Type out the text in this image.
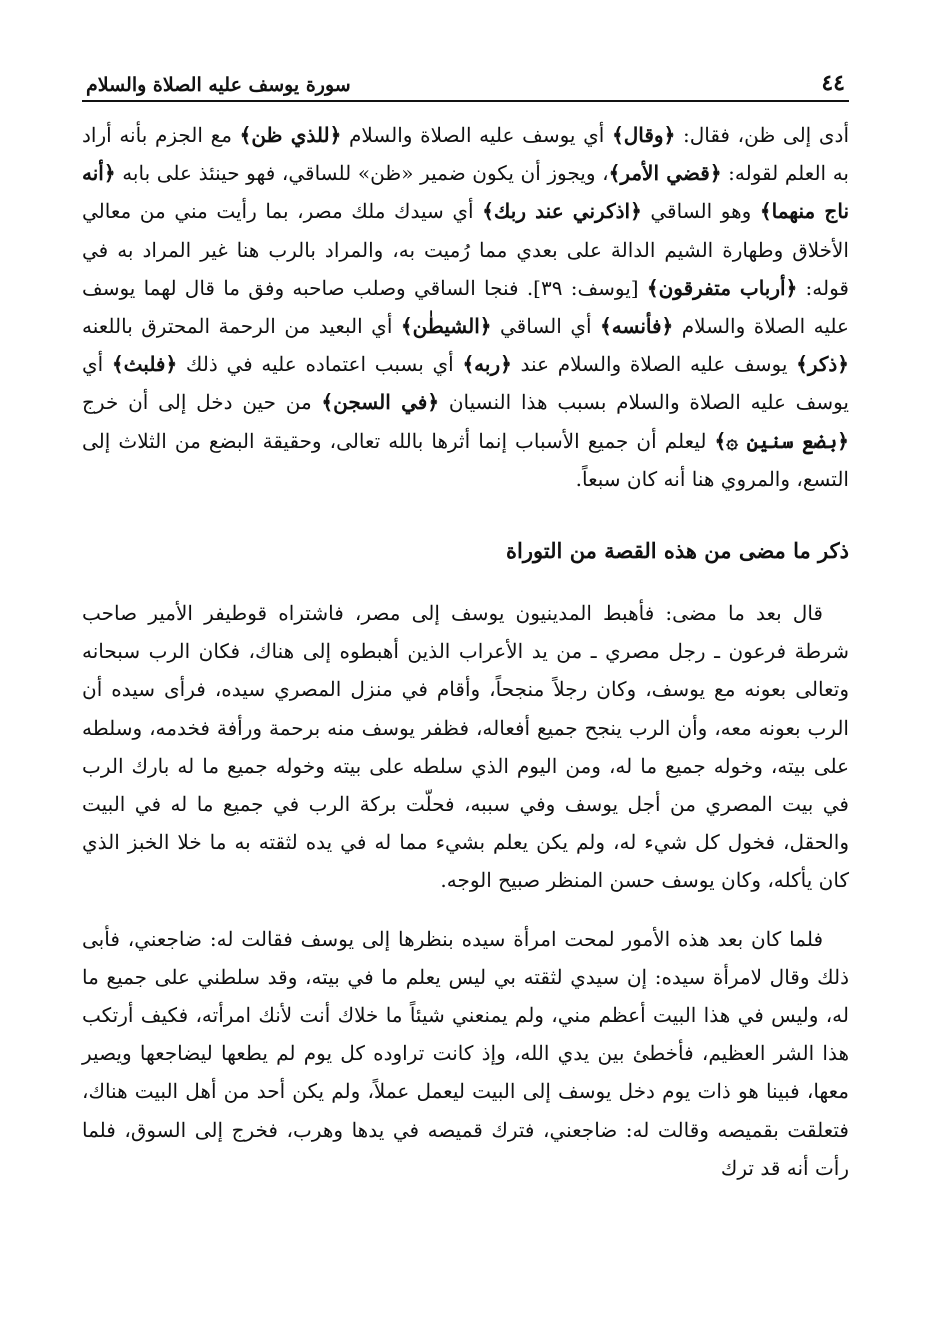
٤٤
سورة يوسف عليه الصلاة والسلام

أدى إلى ظن، فقال: ﴿وقال﴾ أي يوسف عليه الصلاة والسلام ﴿للذي ظن﴾ مع الجزم بأنه أراد به العلم لقوله: ﴿قضي الأمر﴾، ويجوز أن يكون ضمير «ظن» للساقي، فهو حينئذ على بابه ﴿أنه ناج منهما﴾ وهو الساقي ﴿اذكرني عند ربك﴾ أي سيدك ملك مصر، بما رأيت مني من معالي الأخلاق وطهارة الشيم الدالة على بعدي مما رُميت به، والمراد بالرب هنا غير المراد به في قوله: ﴿أرباب متفرقون﴾ [يوسف: ٣٩]. فنجا الساقي وصلب صاحبه وفق ما قال لهما يوسف عليه الصلاة والسلام ﴿فأنسه﴾ أي الساقي ﴿الشيطٰن﴾ أي البعيد من الرحمة المحترق باللعنه ﴿ذكر﴾ يوسف عليه الصلاة والسلام عند ﴿ربه﴾ أي بسبب اعتماده عليه في ذلك ﴿فلبث﴾ أي يوسف عليه الصلاة والسلام بسبب هذا النسيان ﴿في السجن﴾ من حين دخل إلى أن خرج ﴿بضع سنين ۞﴾ ليعلم أن جميع الأسباب إنما أثرها بالله تعالى، وحقيقة البضع من الثلاث إلى التسع، والمروي هنا أنه كان سبعاً.

ذكر ما مضى من هذه القصة من التوراة

قال بعد ما مضى: فأهبط المدينيون يوسف إلى مصر، فاشتراه قوطيفر الأمير صاحب شرطة فرعون ـ رجل مصري ـ من يد الأعراب الذين أهبطوه إلى هناك، فكان الرب سبحانه وتعالى بعونه مع يوسف، وكان رجلاً منجحاً، وأقام في منزل المصري سيده، فرأى سيده أن الرب بعونه معه، وأن الرب ينجح جميع أفعاله، فظفر يوسف منه برحمة ورأفة فخدمه، وسلطه على بيته، وخوله جميع ما له، ومن اليوم الذي سلطه على بيته وخوله جميع ما له بارك الرب في بيت المصري من أجل يوسف وفي سببه، فحلّت بركة الرب في جميع ما له في البيت والحقل، فخول كل شيء له، ولم يكن يعلم بشيء مما له في يده لثقته به ما خلا الخبز الذي كان يأكله، وكان يوسف حسن المنظر صبيح الوجه.

فلما كان بعد هذه الأمور لمحت امرأة سيده بنظرها إلى يوسف فقالت له: ضاجعني، فأبى ذلك وقال لامرأة سيده: إن سيدي لثقته بي ليس يعلم ما في بيته، وقد سلطني على جميع ما له، وليس في هذا البيت أعظم مني، ولم يمنعني شيئاً ما خلاك أنت لأنك امرأته، فكيف أرتكب هذا الشر العظيم، فأخطئ بين يدي الله، وإذ كانت تراوده كل يوم لم يطعها ليضاجعها ويصير معها، فبينا هو ذات يوم دخل يوسف إلى البيت ليعمل عملاً، ولم يكن أحد من أهل البيت هناك، فتعلقت بقميصه وقالت له: ضاجعني، فترك قميصه في يدها وهرب، فخرج إلى السوق، فلما رأت أنه قد ترك
